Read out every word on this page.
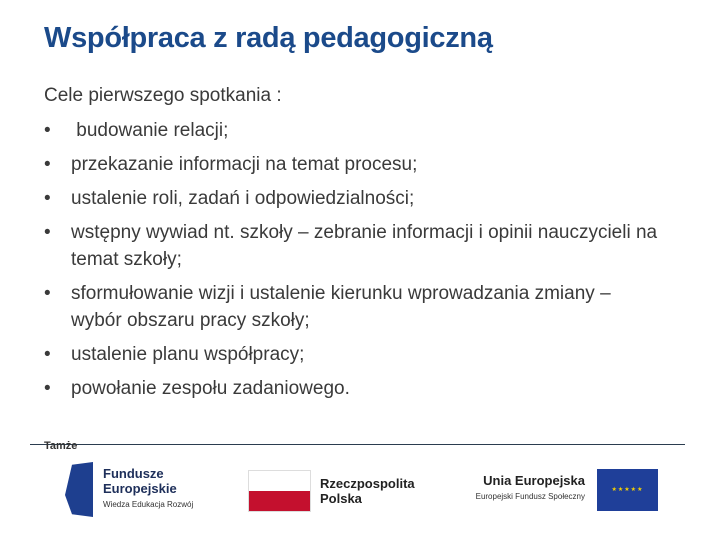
Współpraca z radą pedagogiczną
Cele pierwszego spotkania :
• budowanie relacji;
• przekazanie informacji na temat procesu;
• ustalenie roli, zadań i odpowiedzialności;
• wstępny wywiad nt. szkoły – zebranie informacji i opinii nauczycieli na temat szkoły;
• sformułowanie wizji i ustalenie kierunku wprowadzania zmiany – wybór obszaru pracy szkoły;
• ustalenie planu współpracy;
• powołanie zespołu zadaniowego.
Tamże
Fundusze Europejskie
Wiedza Edukacja Rozwój
Rzeczpospolita Polska
Unia Europejska
Europejski Fundusz Społeczny
★★★★★
